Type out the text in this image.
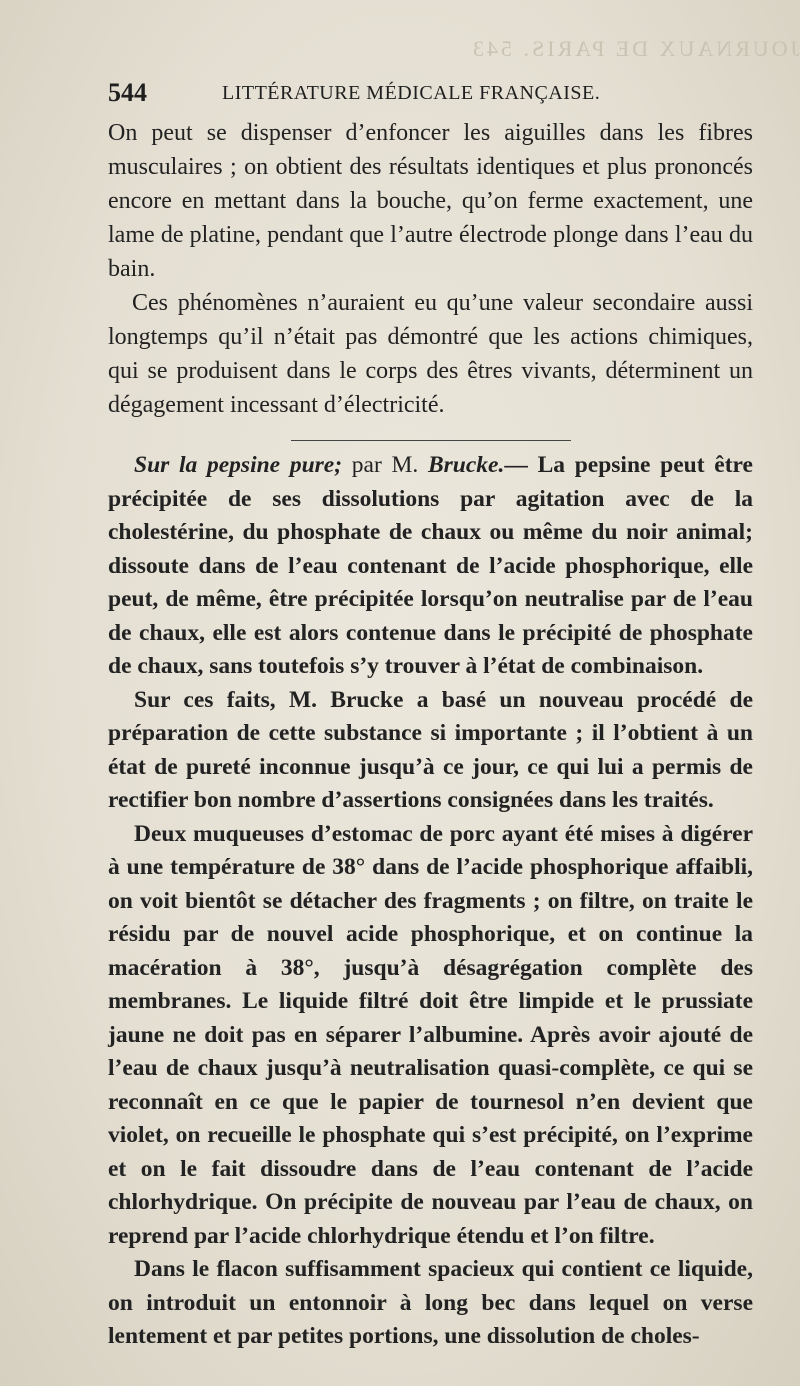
JOURNAUX DE PARIS. 543
544	LITTÉRATURE MÉDICALE FRANÇAISE.

On peut se dispenser d’enfoncer les aiguilles dans les fibres musculaires ; on obtient des résultats identiques et plus prononcés encore en mettant dans la bouche, qu’on ferme exactement, une lame de platine, pendant que l’autre électrode plonge dans l’eau du bain.

Ces phénomènes n’auraient eu qu’une valeur secondaire aussi longtemps qu’il n’était pas démontré que les actions chimiques, qui se produisent dans le corps des êtres vivants, déterminent un dégagement incessant d’électricité.

Sur la pepsine pure; par M. Brucke.— La pepsine peut être précipitée de ses dissolutions par agitation avec de la cholestérine, du phosphate de chaux ou même du noir animal; dissoute dans de l’eau contenant de l’acide phosphorique, elle peut, de même, être précipitée lorsqu’on neutralise par de l’eau de chaux, elle est alors contenue dans le précipité de phosphate de chaux, sans toutefois s’y trouver à l’état de combinaison.

Sur ces faits, M. Brucke a basé un nouveau procédé de préparation de cette substance si importante ; il l’obtient à un état de pureté inconnue jusqu’à ce jour, ce qui lui a permis de rectifier bon nombre d’assertions consignées dans les traités.

Deux muqueuses d’estomac de porc ayant été mises à digérer à une température de 38° dans de l’acide phosphorique affaibli, on voit bientôt se détacher des fragments ; on filtre, on traite le résidu par de nouvel acide phosphorique, et on continue la macération à 38°, jusqu’à désagrégation complète des membranes. Le liquide filtré doit être limpide et le prussiate jaune ne doit pas en séparer l’albumine. Après avoir ajouté de l’eau de chaux jusqu’à neutralisation quasi-complète, ce qui se reconnaît en ce que le papier de tournesol n’en devient que violet, on recueille le phosphate qui s’est précipité, on l’exprime et on le fait dissoudre dans de l’eau contenant de l’acide chlorhydrique. On précipite de nouveau par l’eau de chaux, on reprend par l’acide chlorhydrique étendu et l’on filtre.

Dans le flacon suffisamment spacieux qui contient ce liquide, on introduit un entonnoir à long bec dans lequel on verse lentement et par petites portions, une dissolution de choles-
